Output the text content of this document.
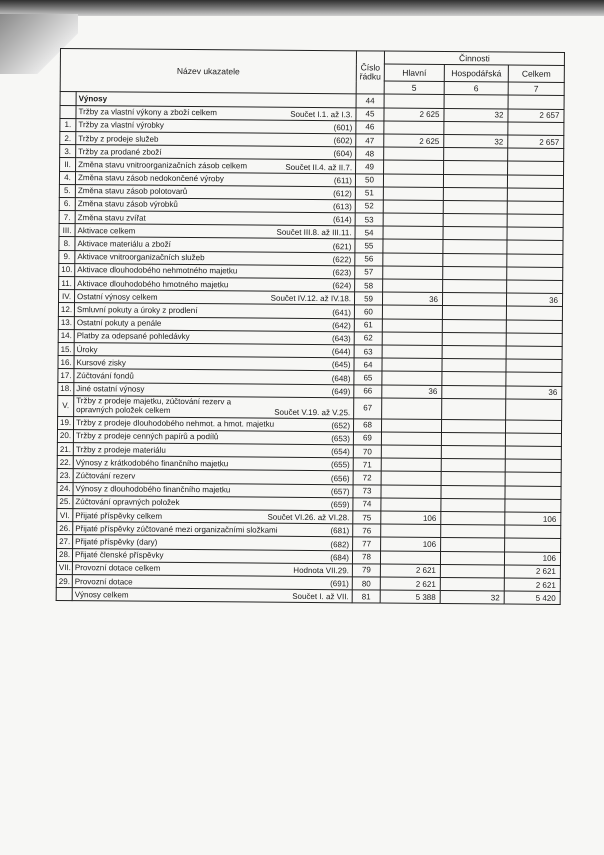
Název ukazatele		Číslo řádku	Činnosti		
			Hlavní	Hospodářská	Celkem
			5	6	7
	Výnosy	44			
	Tržby za vlastní výkony a zboží celkem Součet I.1. až I.3.	45	2 625	32	2 657
1.	Tržby za vlastní výrobky (601)	46			
2.	Tržby z prodeje služeb (602)	47	2 625	32	2 657
3.	Tržby za prodané zboží (604)	48			
II.	Změna stavu vnitroorganizačních zásob celkem Součet II.4. až II.7.	49			
4.	Změna stavu zásob nedokončené výroby (611)	50			
5.	Změna stavu zásob polotovarů (612)	51			
6.	Změna stavu zásob výrobků (613)	52			
7.	Změna stavu zvířat (614)	53			
III.	Aktivace celkem Součet III.8. až III.11.	54			
8.	Aktivace materiálu a zboží (621)	55			
9.	Aktivace vnitroorganizačních služeb (622)	56			
10.	Aktivace dlouhodobého nehmotného majetku (623)	57			
11.	Aktivace dlouhodobého hmotného majetku (624)	58			
IV.	Ostatní výnosy celkem Součet IV.12. až IV.18.	59	36		36
12.	Smluvní pokuty a úroky z prodlení (641)	60			
13.	Ostatní pokuty a penále (642)	61			
14.	Platby za odepsané pohledávky (643)	62			
15.	Úroky (644)	63			
16.	Kursové zisky (645)	64			
17.	Zúčtování fondů (648)	65			
18.	Jiné ostatní výnosy (649)	66	36		36
V.	Tržby z prodeje majetku, zúčtování rezerv a opravných položek celkem Součet V.19. až V.25.	67			
19.	Tržby z prodeje dlouhodobého nehmot. a hmot. majetku (652)	68			
20.	Tržby z prodeje cenných papírů a podílů (653)	69			
21.	Tržby z prodeje materiálu (654)	70			
22.	Výnosy z krátkodobého finančního majetku (655)	71			
23.	Zúčtování rezerv (656)	72			
24.	Výnosy z dlouhodobého finančního majetku (657)	73			
25.	Zúčtování opravných položek (659)	74			
VI.	Přijaté příspěvky celkem Součet VI.26. až VI.28.	75	106		106
26.	Přijaté příspěvky zúčtované mezi organizačními složkami (681)	76			
27.	Přijaté příspěvky (dary) (682)	77	106		
28.	Přijaté členské příspěvky (684)	78			106
VII.	Provozní dotace celkem Hodnota VII.29.	79	2 621		2 621
29.	Provozní dotace (691)	80	2 621		2 621
	Výnosy celkem Součet I. až VII.	81	5 388	32	5 420
